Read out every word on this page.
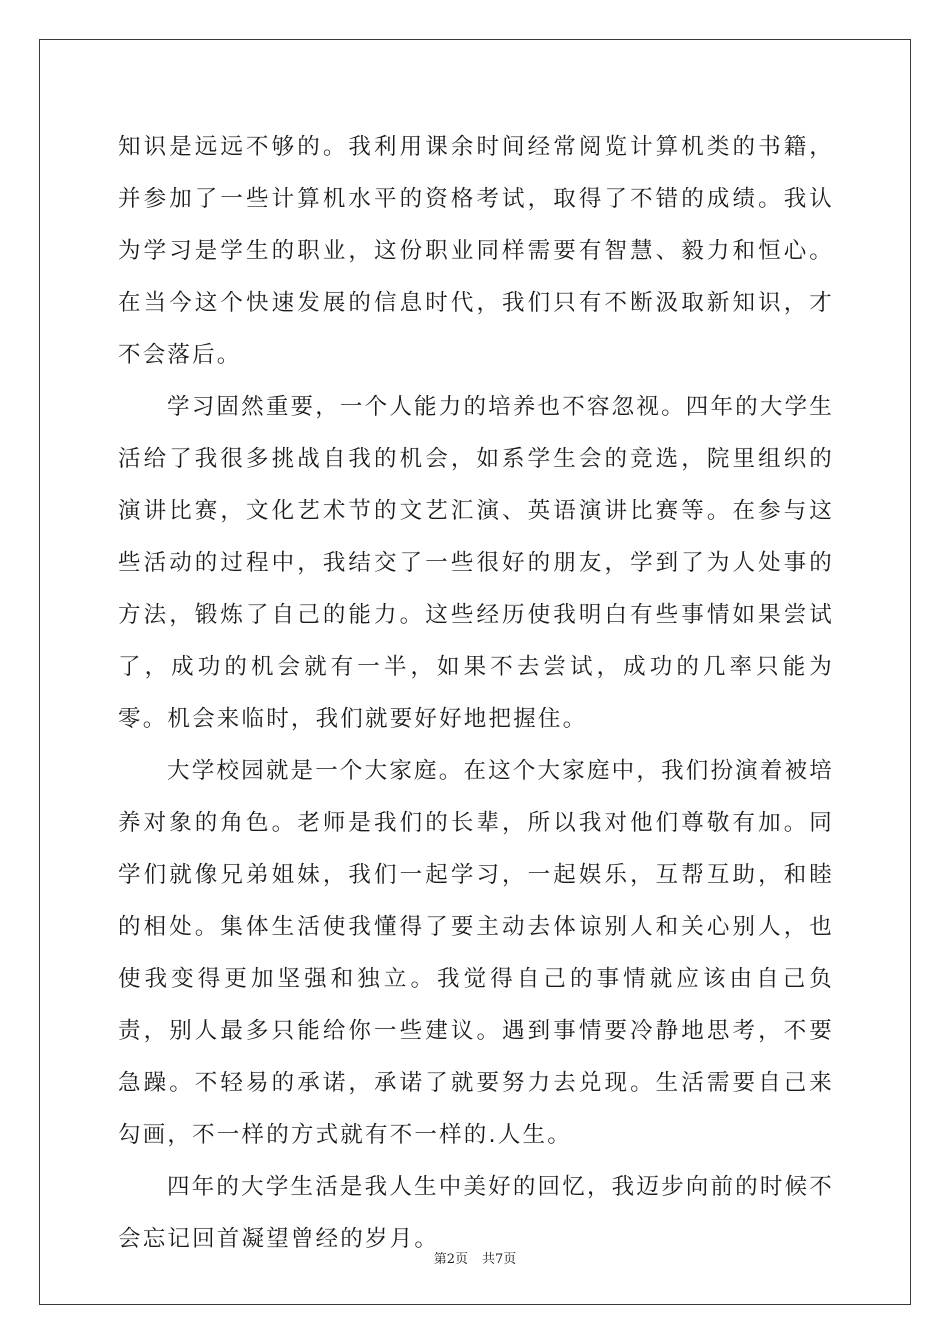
知识是远远不够的。我利用课余时间经常阅览计算机类的书籍，并参加了一些计算机水平的资格考试，取得了不错的成绩。我认为学习是学生的职业，这份职业同样需要有智慧、毅力和恒心。在当今这个快速发展的信息时代，我们只有不断汲取新知识，才不会落后。

学习固然重要，一个人能力的培养也不容忽视。四年的大学生活给了我很多挑战自我的机会，如系学生会的竞选，院里组织的演讲比赛，文化艺术节的文艺汇演、英语演讲比赛等。在参与这些活动的过程中，我结交了一些很好的朋友，学到了为人处事的方法，锻炼了自己的能力。这些经历使我明白有些事情如果尝试了，成功的机会就有一半，如果不去尝试，成功的几率只能为零。机会来临时，我们就要好好地把握住。

大学校园就是一个大家庭。在这个大家庭中，我们扮演着被培养对象的角色。老师是我们的长辈，所以我对他们尊敬有加。同学们就像兄弟姐妹，我们一起学习，一起娱乐，互帮互助，和睦的相处。集体生活使我懂得了要主动去体谅别人和关心别人，也使我变得更加坚强和独立。我觉得自己的事情就应该由自己负责，别人最多只能给你一些建议。遇到事情要冷静地思考，不要急躁。不轻易的承诺，承诺了就要努力去兑现。生活需要自己来勾画，不一样的方式就有不一样的.人生。

四年的大学生活是我人生中美好的回忆，我迈步向前的时候不会忘记回首凝望曾经的岁月。

第2页 共7页
